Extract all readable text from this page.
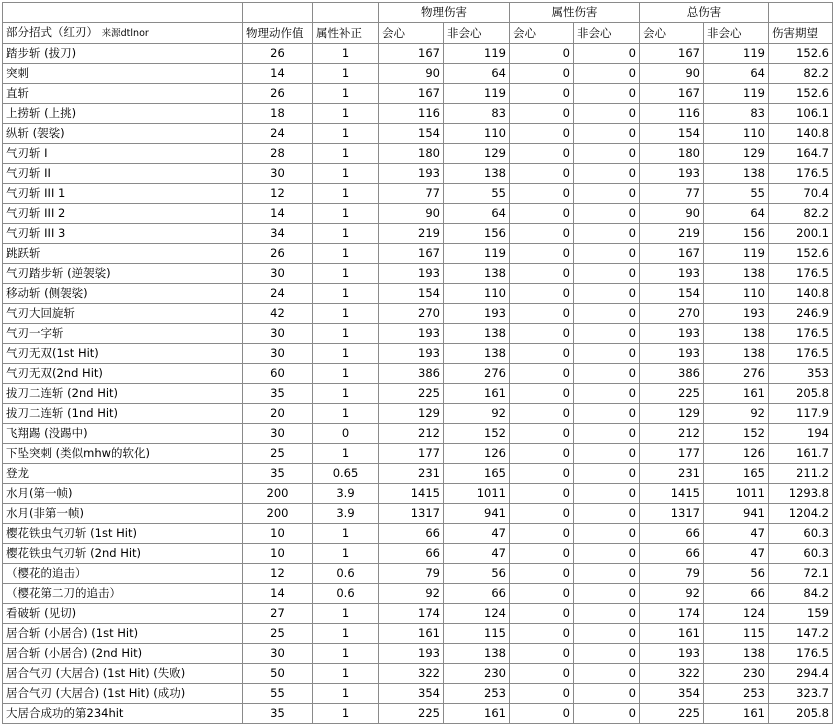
			物理伤害		属性伤害		总伤害		
部分招式（红刃） 来源dtlnor	物理动作值	属性补正	会心	非会心	会心	非会心	会心	非会心	伤害期望
踏步斩 (拔刀)	26	1	167	119	0	0	167	119	152.6
突刺	14	1	90	64	0	0	90	64	82.2
直斩	26	1	167	119	0	0	167	119	152.6
上捞斩 (上挑)	18	1	116	83	0	0	116	83	106.1
纵斩 (袈裟)	24	1	154	110	0	0	154	110	140.8
气刃斩 I	28	1	180	129	0	0	180	129	164.7
气刃斩 II	30	1	193	138	0	0	193	138	176.5
气刃斩 III 1	12	1	77	55	0	0	77	55	70.4
气刃斩 III 2	14	1	90	64	0	0	90	64	82.2
气刃斩 III 3	34	1	219	156	0	0	219	156	200.1
跳跃斩	26	1	167	119	0	0	167	119	152.6
气刃踏步斩 (逆袈裟)	30	1	193	138	0	0	193	138	176.5
移动斩 (侧袈裟)	24	1	154	110	0	0	154	110	140.8
气刃大回旋斩	42	1	270	193	0	0	270	193	246.9
气刃一字斩	30	1	193	138	0	0	193	138	176.5
气刃无双(1st Hit)	30	1	193	138	0	0	193	138	176.5
气刃无双(2nd Hit)	60	1	386	276	0	0	386	276	353
拔刀二连斩 (2nd Hit)	35	1	225	161	0	0	225	161	205.8
拔刀二连斩 (1nd Hit)	20	1	129	92	0	0	129	92	117.9
飞翔踢 (没踢中)	30	0	212	152	0	0	212	152	194
下坠突刺 (类似mhw的软化)	25	1	177	126	0	0	177	126	161.7
登龙	35	0.65	231	165	0	0	231	165	211.2
水月(第一帧)	200	3.9	1415	1011	0	0	1415	1011	1293.8
水月(非第一帧)	200	3.9	1317	941	0	0	1317	941	1204.2
樱花铁虫气刃斩 (1st Hit)	10	1	66	47	0	0	66	47	60.3
樱花铁虫气刃斩 (2nd Hit)	10	1	66	47	0	0	66	47	60.3
（樱花的追击）	12	0.6	79	56	0	0	79	56	72.1
（樱花第二刀的追击）	14	0.6	92	66	0	0	92	66	84.2
看破斩 (见切)	27	1	174	124	0	0	174	124	159
居合斩 (小居合) (1st Hit)	25	1	161	115	0	0	161	115	147.2
居合斩 (小居合) (2nd Hit)	30	1	193	138	0	0	193	138	176.5
居合气刃 (大居合) (1st Hit) (失败)	50	1	322	230	0	0	322	230	294.4
居合气刃 (大居合) (1st Hit) (成功)	55	1	354	253	0	0	354	253	323.7
大居合成功的第234hit	35	1	225	161	0	0	225	161	205.8
